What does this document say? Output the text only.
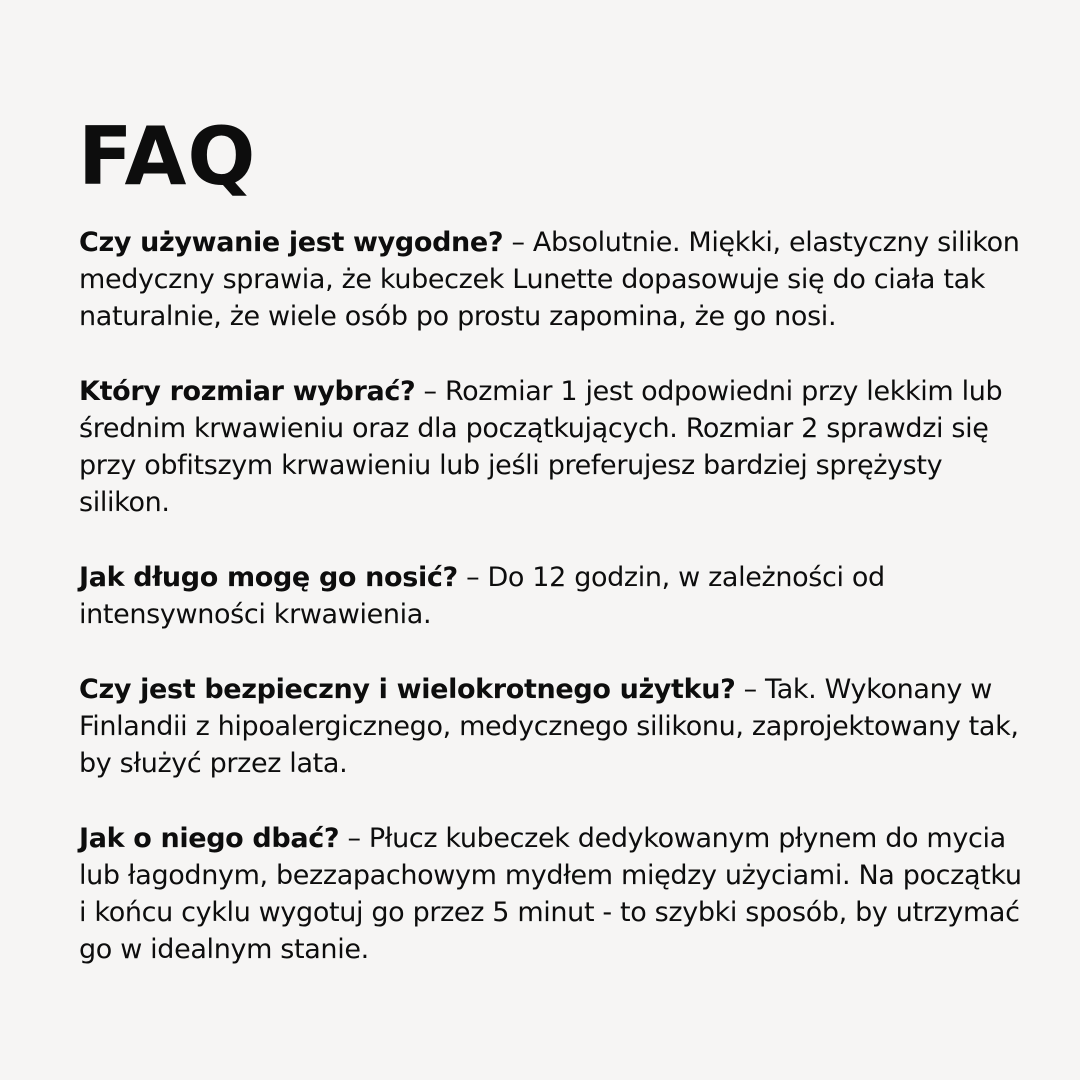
FAQ
Czy używanie jest wygodne? – Absolutnie. Miękki, elastyczny silikon medyczny sprawia, że kubeczek Lunette dopasowuje się do ciała tak naturalnie, że wiele osób po prostu zapomina, że go nosi.
Który rozmiar wybrać? – Rozmiar 1 jest odpowiedni przy lekkim lub średnim krwawieniu oraz dla początkujących. Rozmiar 2 sprawdzi się przy obfitszym krwawieniu lub jeśli preferujesz bardziej sprężysty silikon.
Jak długo mogę go nosić? – Do 12 godzin, w zależności od intensywności krwawienia.
Czy jest bezpieczny i wielokrotnego użytku? – Tak. Wykonany w Finlandii z hipoalergicznego, medycznego silikonu, zaprojektowany tak, by służyć przez lata.
Jak o niego dbać? – Płucz kubeczek dedykowanym płynem do mycia lub łagodnym, bezzapachowym mydłem między użyciami. Na początku i końcu cyklu wygotuj go przez 5 minut - to szybki sposób, by utrzymać go w idealnym stanie.
